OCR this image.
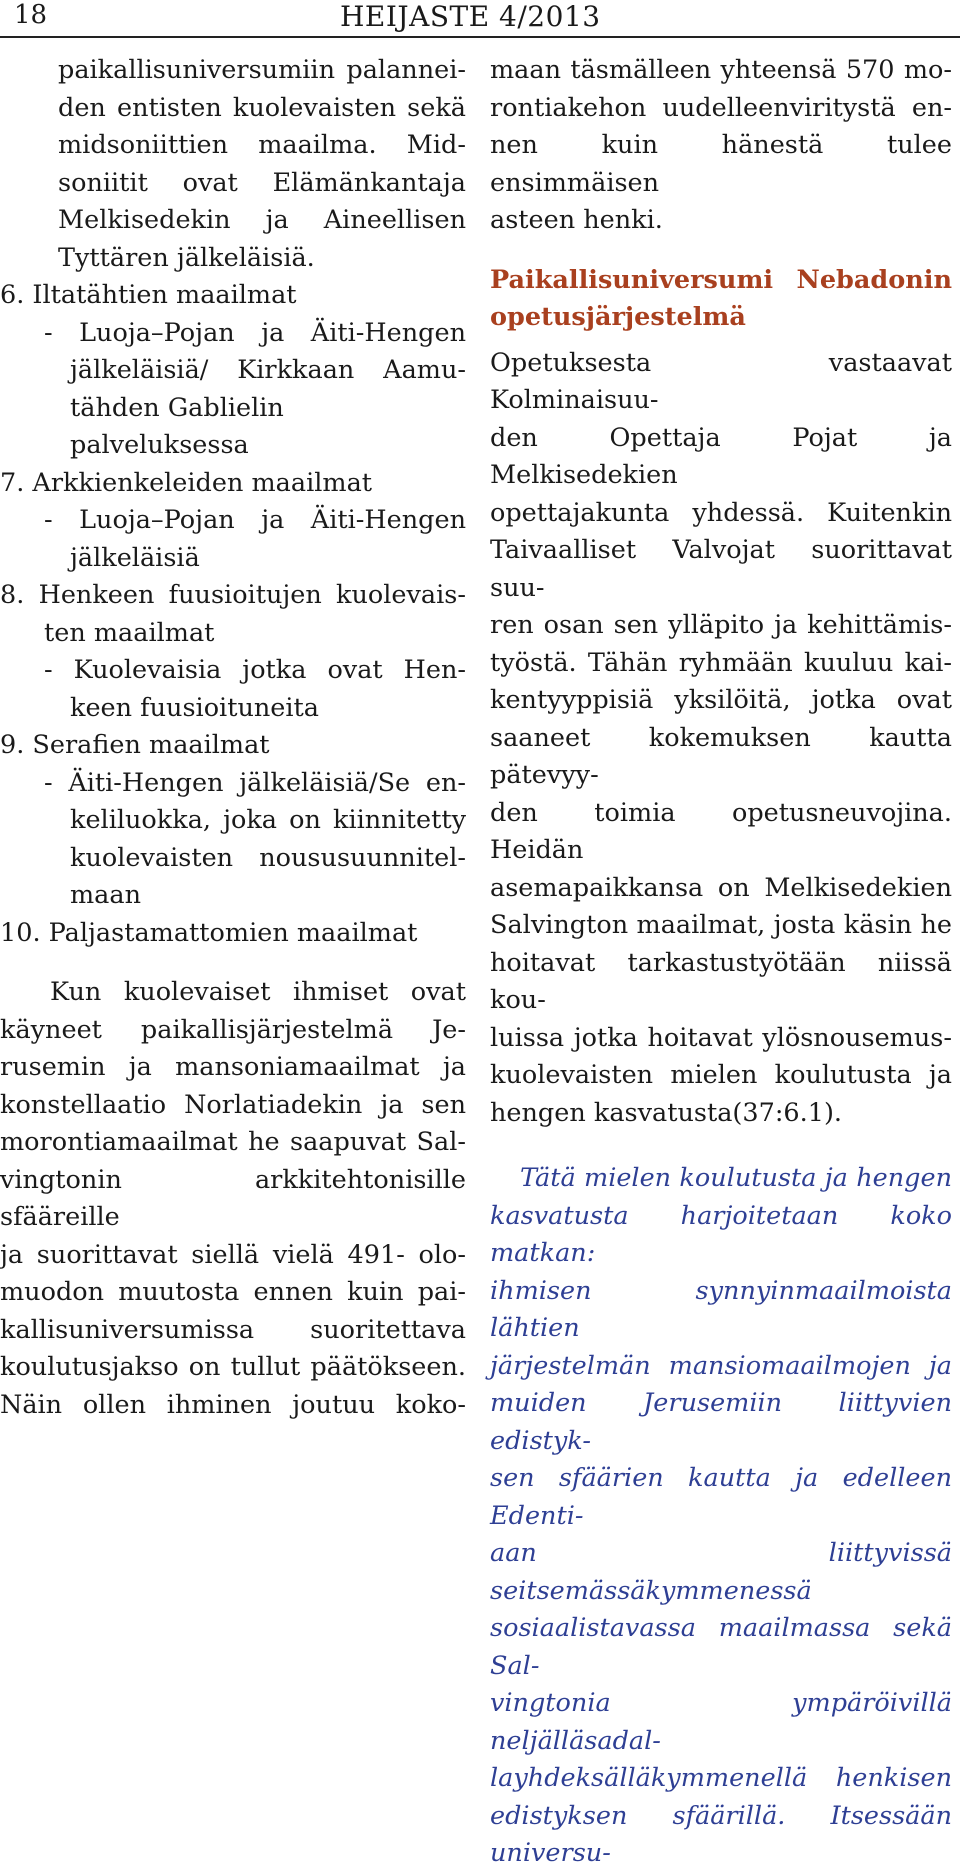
18	HEIJASTE 4/2013
paikallisuniversumiin palannei-
den entisten kuolevaisten sekä
midsoniittien maailma. Mid-
soniitit ovat Elämänkantaja
Melkisedekin ja Aineellisen
Tyttären jälkeläisiä.
6. Iltatähtien maailmat
- Luoja–Pojan ja Äiti-Hengen
jälkeläisiä/ Kirkkaan Aamu-
tähden Gablielin palveluksessa
7. Arkkienkeleiden maailmat
- Luoja–Pojan ja Äiti-Hengen
jälkeläisiä
8. Henkeen fuusioitujen kuolevais-
ten maailmat
- Kuolevaisia jotka ovat Hen-
keen fuusioituneita
9. Serafien maailmat
- Äiti-Hengen jälkeläisiä/Se en-
keliluokka, joka on kiinnitetty
kuolevaisten noususuunnitel-
maan
10. Paljastamattomien maailmat
Kun kuolevaiset ihmiset ovat
käyneet paikallisjärjestelmä Je-
rusemin ja mansoniamaailmat ja
konstellaatio Norlatiadekin ja sen
morontiamaailmat he saapuvat Sal-
vingtonin arkkitehtonisille sfääreille
ja suorittavat siellä vielä 491- olo-
muodon muutosta ennen kuin pai-
kallisuniversumissa suoritettava
koulutusjakso on tullut päätökseen.
Näin ollen ihminen joutuu koko-
maan täsmälleen yhteensä 570 mo-
rontiakehon uudelleenviritystä en-
nen kuin hänestä tulee ensimmäisen
asteen henki.
Paikallisuniversumi Nebadonin
opetusjärjestelmä
Opetuksesta vastaavat Kolminaisuu-
den Opettaja Pojat ja Melkisedekien
opettajakunta yhdessä. Kuitenkin
Taivaalliset Valvojat suorittavat suu-
ren osan sen ylläpito ja kehittämis-
työstä. Tähän ryhmään kuuluu kai-
kentyyppisiä yksilöitä, jotka ovat
saaneet kokemuksen kautta pätevyy-
den toimia opetusneuvojina. Heidän
asemapaikkansa on Melkisedekien
Salvington maailmat, josta käsin he
hoitavat tarkastustyötään niissä kou-
luissa jotka hoitavat ylösnousemus-
kuolevaisten mielen koulutusta ja
hengen kasvatusta(37:6.1).
Tätä mielen koulutusta ja hengen
kasvatusta harjoitetaan koko matkan:
ihmisen synnyinmaailmoista lähtien
järjestelmän mansiomaailmojen ja
muiden Jerusemiin liittyvien edistyk-
sen sfäärien kautta ja edelleen Edenti-
aan liittyvissä seitsemässäkymmenessä
sosiaalistavassa maailmassa sekä Sal-
vingtonia ympäröivillä neljälläsadal-
layhdeksälläkymmenellä henkisen
edistyksen sfäärillä. Itsessään universu-
